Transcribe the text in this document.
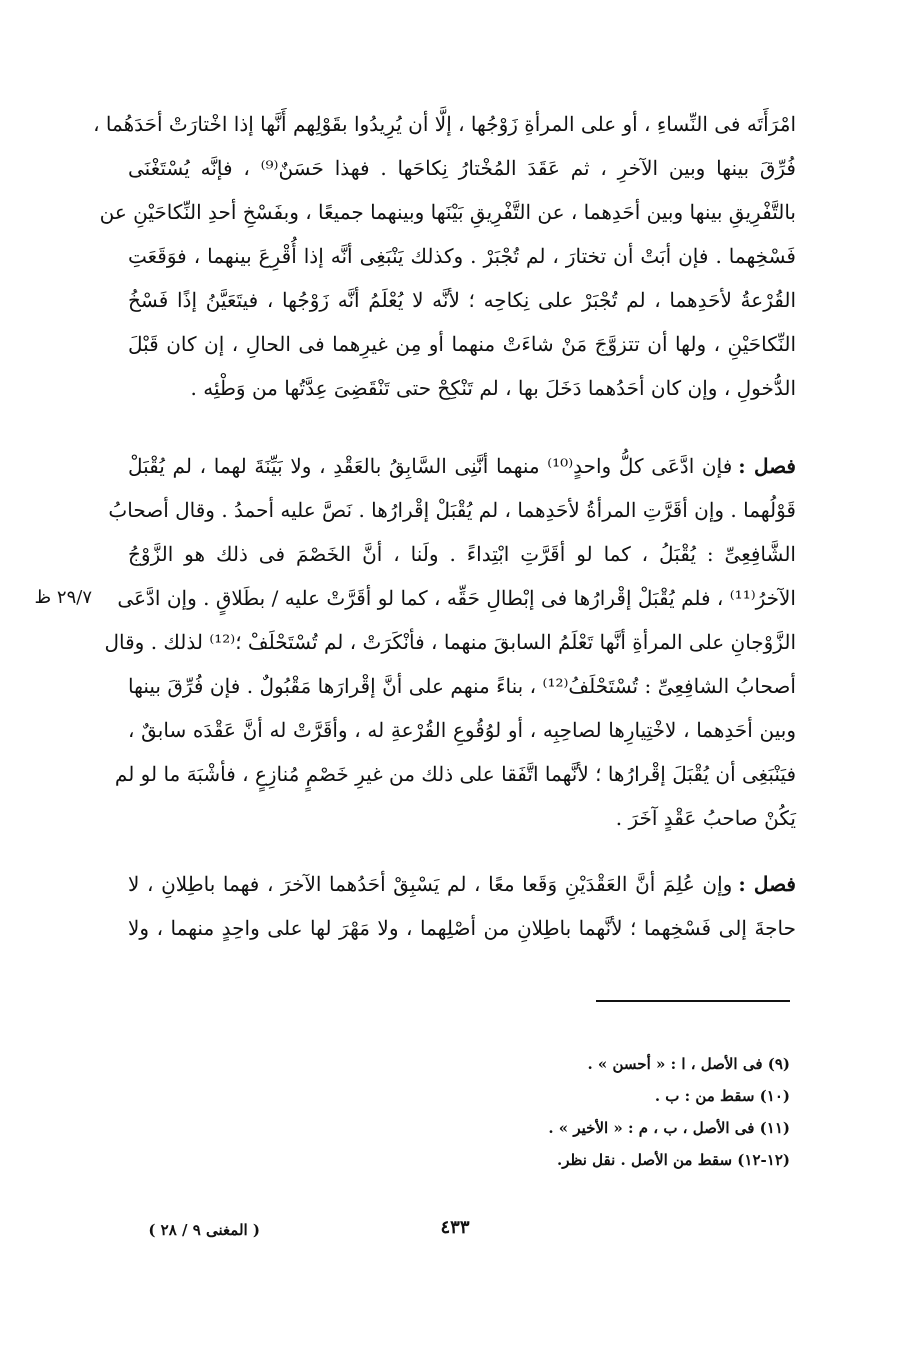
امْرَأَتَه فى النِّساءِ ، أو على المرأةِ زَوْجُها ، إلَّا أن يُرِيدُوا بقَوْلِهم أَنَّها إذا اخْتارَتْ أحَدَهُما ،
فُرِّقَ بينها وبين الآخرِ ، ثم عَقَدَ المُخْتارُ نِكاحَها . فهذا حَسَنٌ⁽⁹⁾ ، فإنَّه يُسْتَغْنَى
بالتَّفْرِيقِ بينها وبين أحَدِهما ، عن التَّفْرِيقِ بَيْنَها وبينهما جميعًا ، وبفَسْخِ أحدِ النِّكاحَيْنِ عن
فَسْخِهما . فإن أبَتْ أن تختارَ ، لم تُجْبَرْ . وكذلك يَنْبَغِى أنَّه إذا أُقْرِعَ بينهما ، فوَقَعَتِ
القُرْعةُ لأحَدِهما ، لم تُجْبَرْ على نِكاحِه ؛ لأنَّه لا يُعْلَمُ أنَّه زَوْجُها ، فيتَعَيَّنُ إذًا فَسْخُ
النِّكاحَيْنِ ، ولها أن تتزوَّجَ مَنْ شاءَتْ منهما أو مِن غيرِهما فى الحالِ ، إن كان قَبْلَ
الدُّخولِ ، وإن كان أحَدُهما دَخَلَ بها ، لم تَنْكِحْ حتى تَنْقَضِىَ عِدَّتُها من وَطْئِه .
فصل :فإن ادَّعَى كلُّ واحدٍ⁽¹⁰⁾ منهما أنَّنِى السَّابِقُ بالعَقْدِ ، ولا بَيِّنَةَ لهما ، لم يُقْبَلْ
قَوْلُهما . وإن أقَرَّتِ المرأةُ لأحَدِهما ، لم يُقْبَلْ إقْرارُها . نَصَّ عليه أحمدُ . وقال أصحابُ
الشَّافِعِىِّ : يُقْبَلُ ، كما لو أقَرَّتِ ابْتِداءً . ولَنا ، أنَّ الخَصْمَ فى ذلك هو الزَّوْجُ
الآخرُ⁽¹¹⁾ ، فلم يُقْبَلْ إقْرارُها فى إبْطالِ حَقِّه ، كما لو أقَرَّتْ عليه / بطَلاقٍ . وإن ادَّعَى
الزَّوْجانِ على المرأةِ أنَّها تَعْلَمُ السابقَ منهما ، فأنْكَرَتْ ، لم تُسْتَحْلَفْ ؛⁽¹²⁾ لذلك . وقال
أصحابُ الشافِعِىِّ : تُسْتَحْلَفُ⁽¹²⁾ ، بناءً منهم على أنَّ إقْرارَها مَقْبُولٌ . فإن فُرِّقَ بينها
وبين أحَدِهما ، لاخْتِيارِها لصاحِبِه ، أو لوُقُوعِ القُرْعةِ له ، وأقَرَّتْ له أنَّ عَقْدَه سابقٌ ،
فيَنْبَغِى أن يُقْبَلَ إقْرارُها ؛ لأنَّهما اتَّفَقا على ذلك من غيرِ خَصْمٍ مُنازِعٍ ، فأشْبَهَ ما لو لم
يَكُنْ صاحبُ عَقْدٍ آخَرَ .
فصل :وإن عُلِمَ أنَّ العَقْدَيْنِ وَقَعا معًا ، لم يَسْبِقْ أحَدُهما الآخرَ ، فهما باطِلانِ ، لا
حاجةَ إلى فَسْخِهما ؛ لأنَّهما باطِلانِ من أصْلِهما ، ولا مَهْرَ لها على واحِدٍ منهما ، ولا
٢٩/٧ ظ
(٩) فى الأصل ، ا : « أحسن » .
(١٠) سقط من : ب .
(١١) فى الأصل ، ب ، م : « الأخير » .
(١٢-١٢) سقط من الأصل . نقل نظر.
( المغنى ٩ / ٢٨ )	٤٣٣
